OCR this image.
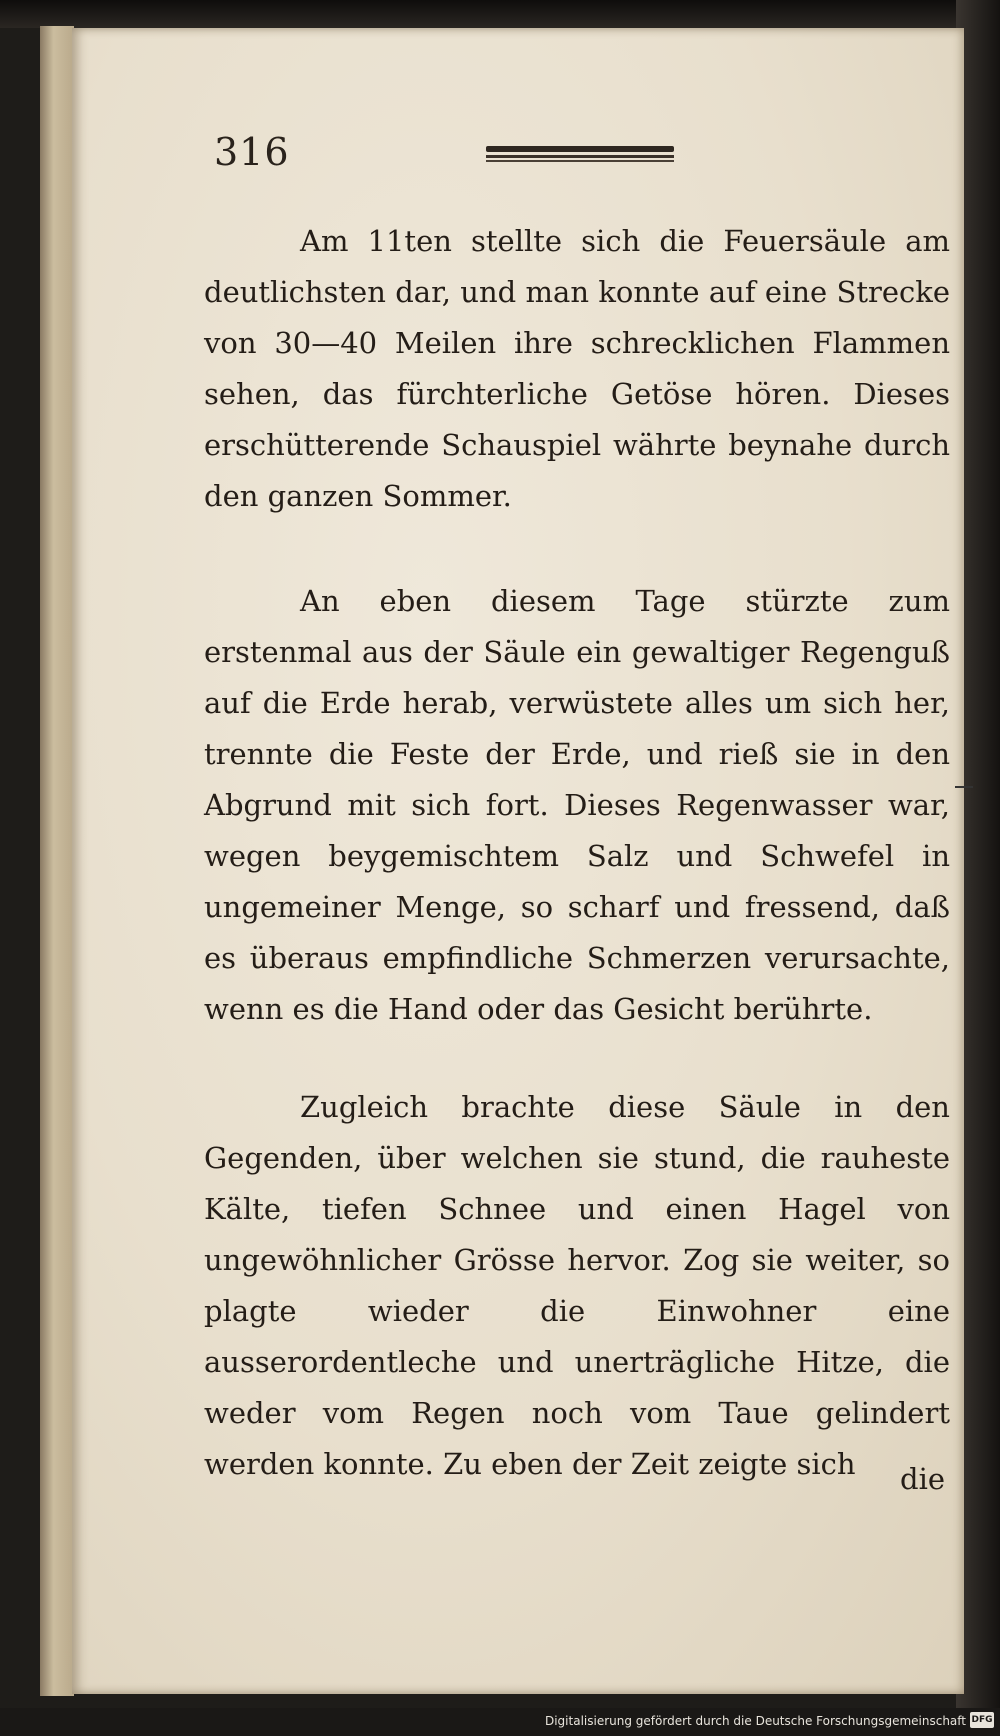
316
Am 11ten stellte sich die Feuersäule am deutlichsten dar, und man konnte auf eine Strecke von 30—40 Meilen ihre schrecklichen Flammen sehen, das fürchterliche Getöse hören. Dieses erschütterende Schauspiel währte beynahe durch den ganzen Sommer.
An eben diesem Tage stürzte zum erstenmal aus der Säule ein gewaltiger Regenguß auf die Erde herab, verwüstete alles um sich her, trennte die Feste der Erde, und rieß sie in den Abgrund mit sich fort. Dieses Regenwasser war, wegen beygemischtem Salz und Schwefel in ungemeiner Menge, so scharf und fressend, daß es überaus empfindliche Schmerzen verursachte, wenn es die Hand oder das Gesicht berührte.
Zugleich brachte diese Säule in den Gegenden, über welchen sie stund, die rauheste Kälte, tiefen Schnee und einen Hagel von ungewöhnlicher Grösse hervor. Zog sie weiter, so plagte wieder die Einwohner eine ausserordentleche und unerträgliche Hitze, die weder vom Regen noch vom Taue gelindert werden konnte. Zu eben der Zeit zeigte sich	die
Digitalisierung gefördert durch die Deutsche Forschungsgemeinschaft DFG
